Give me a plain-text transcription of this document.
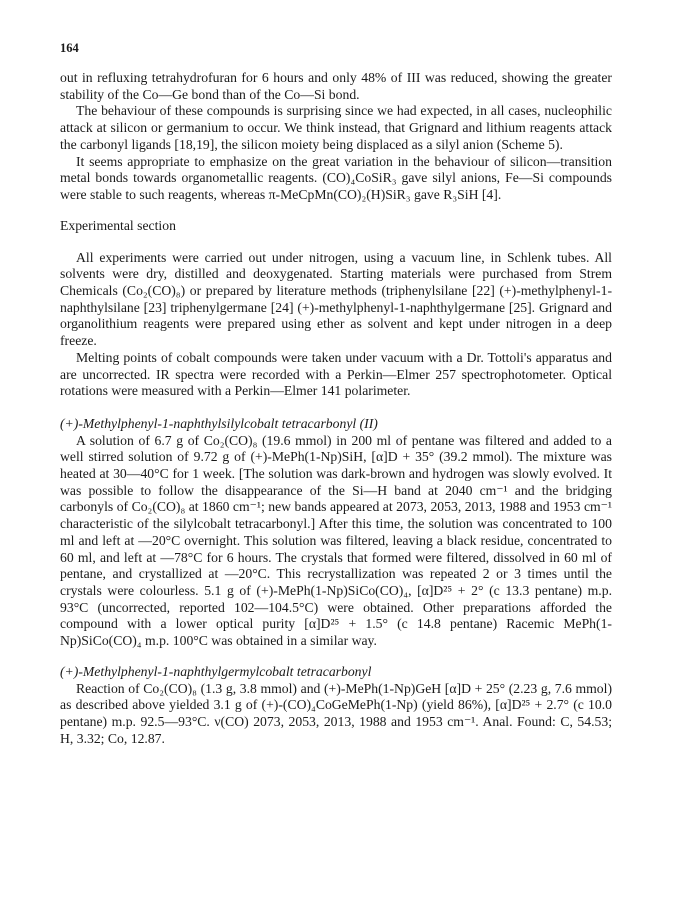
164

out in refluxing tetrahydrofuran for 6 hours and only 48% of III was reduced, showing the greater stability of the Co—Ge bond than of the Co—Si bond.

The behaviour of these compounds is surprising since we had expected, in all cases, nucleophilic attack at silicon or germanium to occur. We think instead, that Grignard and lithium reagents attack the carbonyl ligands [18,19], the silicon moiety being displaced as a silyl anion (Scheme 5).

It seems appropriate to emphasize on the great variation in the behaviour of silicon—transition metal bonds towards organometallic reagents. (CO)₄CoSiR₃ gave silyl anions, Fe—Si compounds were stable to such reagents, whereas π-MeCpMn(CO)₂(H)SiR₃ gave R₃SiH [4].

Experimental section

All experiments were carried out under nitrogen, using a vacuum line, in Schlenk tubes. All solvents were dry, distilled and deoxygenated. Starting materials were purchased from Strem Chemicals (Co₂(CO)₈) or prepared by literature methods (triphenylsilane [22] (+)-methylphenyl-1-naphthylsilane [23] triphenylgermane [24] (+)-methylphenyl-1-naphthylgermane [25]. Grignard and organolithium reagents were prepared using ether as solvent and kept under nitrogen in a deep freeze.

Melting points of cobalt compounds were taken under vacuum with a Dr. Tottoli's apparatus and are uncorrected. IR spectra were recorded with a Perkin—Elmer 257 spectrophotometer. Optical rotations were measured with a Perkin—Elmer 141 polarimeter.

(+)-Methylphenyl-1-naphthylsilylcobalt tetracarbonyl (II)

A solution of 6.7 g of Co₂(CO)₈ (19.6 mmol) in 200 ml of pentane was filtered and added to a well stirred solution of 9.72 g of (+)-MePh(1-Np)SiH, [α]D + 35° (39.2 mmol). The mixture was heated at 30—40°C for 1 week. [The solution was dark-brown and hydrogen was slowly evolved. It was possible to follow the disappearance of the Si—H band at 2040 cm⁻¹ and the bridging carbonyls of Co₂(CO)₈ at 1860 cm⁻¹; new bands appeared at 2073, 2053, 2013, 1988 and 1953 cm⁻¹ characteristic of the silylcobalt tetracarbonyl.] After this time, the solution was concentrated to 100 ml and left at —20°C overnight. This solution was filtered, leaving a black residue, concentrated to 60 ml, and left at —78°C for 6 hours. The crystals that formed were filtered, dissolved in 60 ml of pentane, and crystallized at —20°C. This recrystallization was repeated 2 or 3 times until the crystals were colourless. 5.1 g of (+)-MePh(1-Np)SiCo(CO)₄, [α]D²⁵ + 2° (c 13.3 pentane) m.p. 93°C (uncorrected, reported 102—104.5°C) were obtained. Other preparations afforded the compound with a lower optical purity [α]D²⁵ + 1.5° (c 14.8 pentane) Racemic MePh(1-Np)SiCo(CO)₄ m.p. 100°C was obtained in a similar way.

(+)-Methylphenyl-1-naphthylgermylcobalt tetracarbonyl

Reaction of Co₂(CO)₈ (1.3 g, 3.8 mmol) and (+)-MePh(1-Np)GeH [α]D + 25° (2.23 g, 7.6 mmol) as described above yielded 3.1 g of (+)-(CO)₄CoGeMePh(1-Np) (yield 86%), [α]D²⁵ + 2.7° (c 10.0 pentane) m.p. 92.5—93°C. ν(CO) 2073, 2053, 2013, 1988 and 1953 cm⁻¹. Anal. Found: C, 54.53; H, 3.32; Co, 12.87.
